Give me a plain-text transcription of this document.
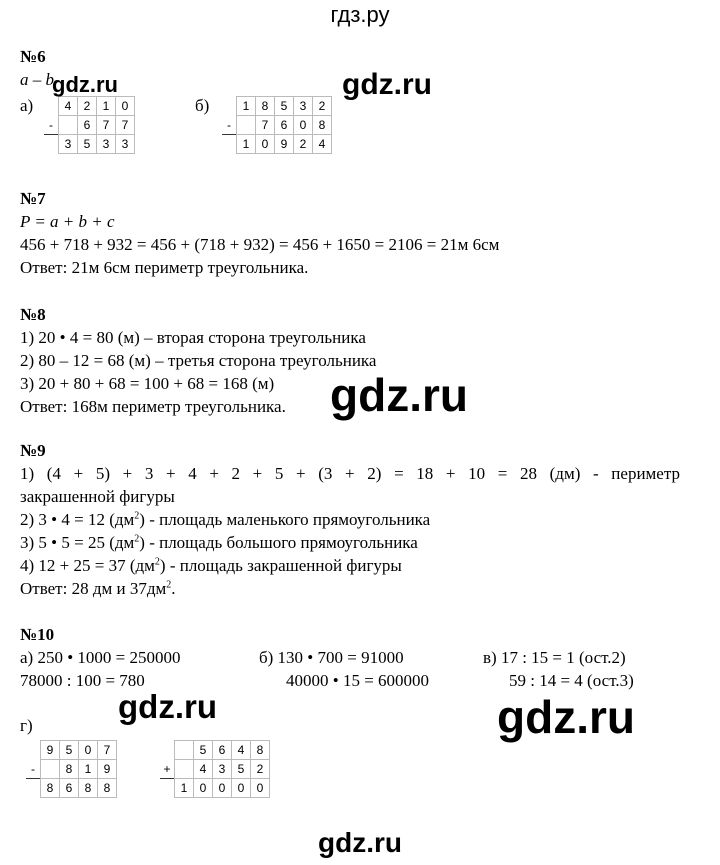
гдз.ру
№6
a – b
а)	б)
	4	2	1	0
-		6	7	7
	3	5	3	3
	1	8	5	3	2
-		7	6	0	8
	1	0	9	2	4
gdz.ru	gdz.ru
№7
P = a + b + c
456 + 718 + 932 = 456 + (718 + 932) = 456 + 1650 = 2106 = 21м 6см
Ответ: 21м 6см периметр треугольника.
№8
1) 20 • 4 = 80 (м) – вторая сторона треугольника
2) 80 – 12 = 68 (м) – третья сторона треугольника
3) 20 + 80 + 68 = 100 + 68 = 168 (м)
Ответ: 168м периметр треугольника. gdz.ru
№9
1) (4 + 5) + 3 + 4 + 2 + 5 + (3 + 2) = 18 + 10 = 28 (дм) - периметр
закрашенной фигуры
2) 3 • 4 = 12 $(дм^2)$ - площадь маленького прямоугольника
3) 5 • 5 = 25 $(дм^2)$ - площадь большого прямоугольника
4) 12 + 25 = 37 $(дм^2)$ - площадь закрашенной фигуры
Ответ: 28 дм и $37дм^2$.
№10
а) 250 • 1000 = 250000
78000 : 100 = 780
б) 130 • 700 = 91000
40000 • 15 = 600000
в) 17 : 15 = 1 (ост.2)
59 : 14 = 4 (ост.3)
г)
	9	5	0	7
-		8	1	9
	8	6	8	8
		5	6	4	8
+		4	3	5	2
	1	0	0	0	0
gdz.ru	gdz.ru
gdz.ru
